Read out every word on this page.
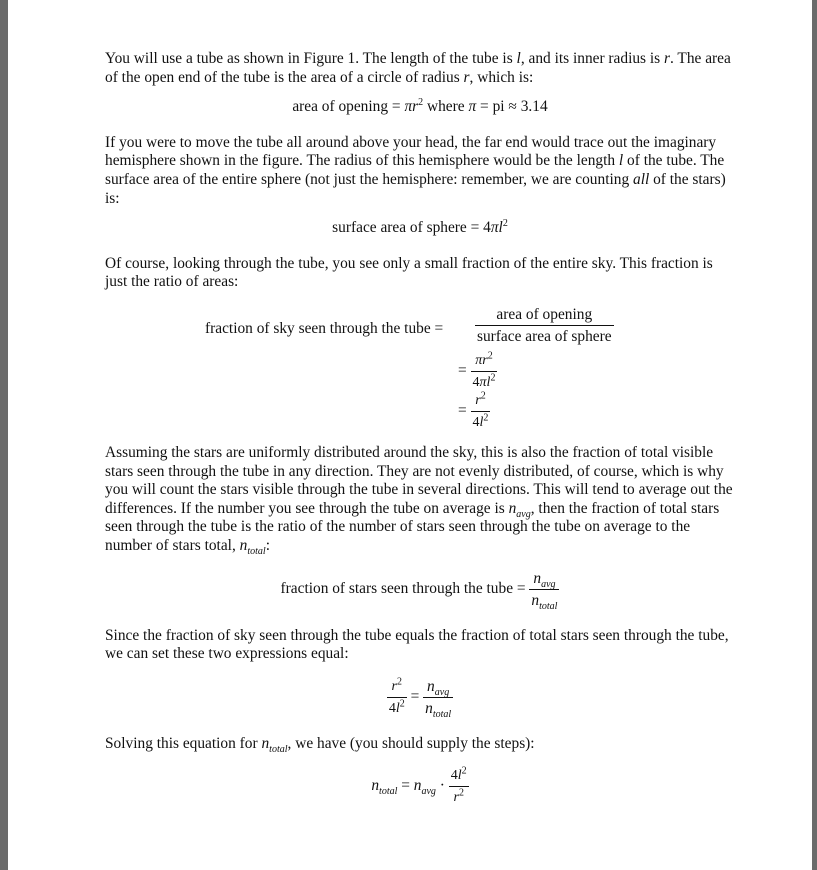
You will use a tube as shown in Figure 1. The length of the tube is l, and its inner radius is r. The area of the open end of the tube is the area of a circle of radius r, which is:

area of opening = $\pi r^2$ where π = pi ≈ 3.14

If you were to move the tube all around above your head, the far end would trace out the imaginary hemisphere shown in the figure. The radius of this hemisphere would be the length l of the tube. The surface area of the entire sphere (not just the hemisphere: remember, we are counting all of the stars) is:

surface area of sphere = $4\pi l^2$

Of course, looking through the tube, you see only a small fraction of the entire sky. This fraction is just the ratio of areas:

fraction of sky seen through the tube = $\frac{\text{area of opening}}{\text{surface area of sphere}}$
= $\frac{\pi r^2}{4\pi l^2}$
= $\frac{r^2}{4l^2}$

Assuming the stars are uniformly distributed around the sky, this is also the fraction of total visible stars seen through the tube in any direction. They are not evenly distributed, of course, which is why you will count the stars visible through the tube in several directions. This will tend to average out the differences. If the number you see through the tube on average is $n_{avg}$, then the fraction of total stars seen through the tube is the ratio of the number of stars seen through the tube on average to the number of stars total, $n_{total}$:

fraction of stars seen through the tube = $\frac{n_{avg}}{n_{total}}$

Since the fraction of sky seen through the tube equals the fraction of total stars seen through the tube, we can set these two expressions equal:

$\frac{r^2}{4l^2} = \frac{n_{avg}}{n_{total}}$

Solving this equation for $n_{total}$, we have (you should supply the steps):

$n_{total} = n_{avg} \cdot \frac{4l^2}{r^2}$
